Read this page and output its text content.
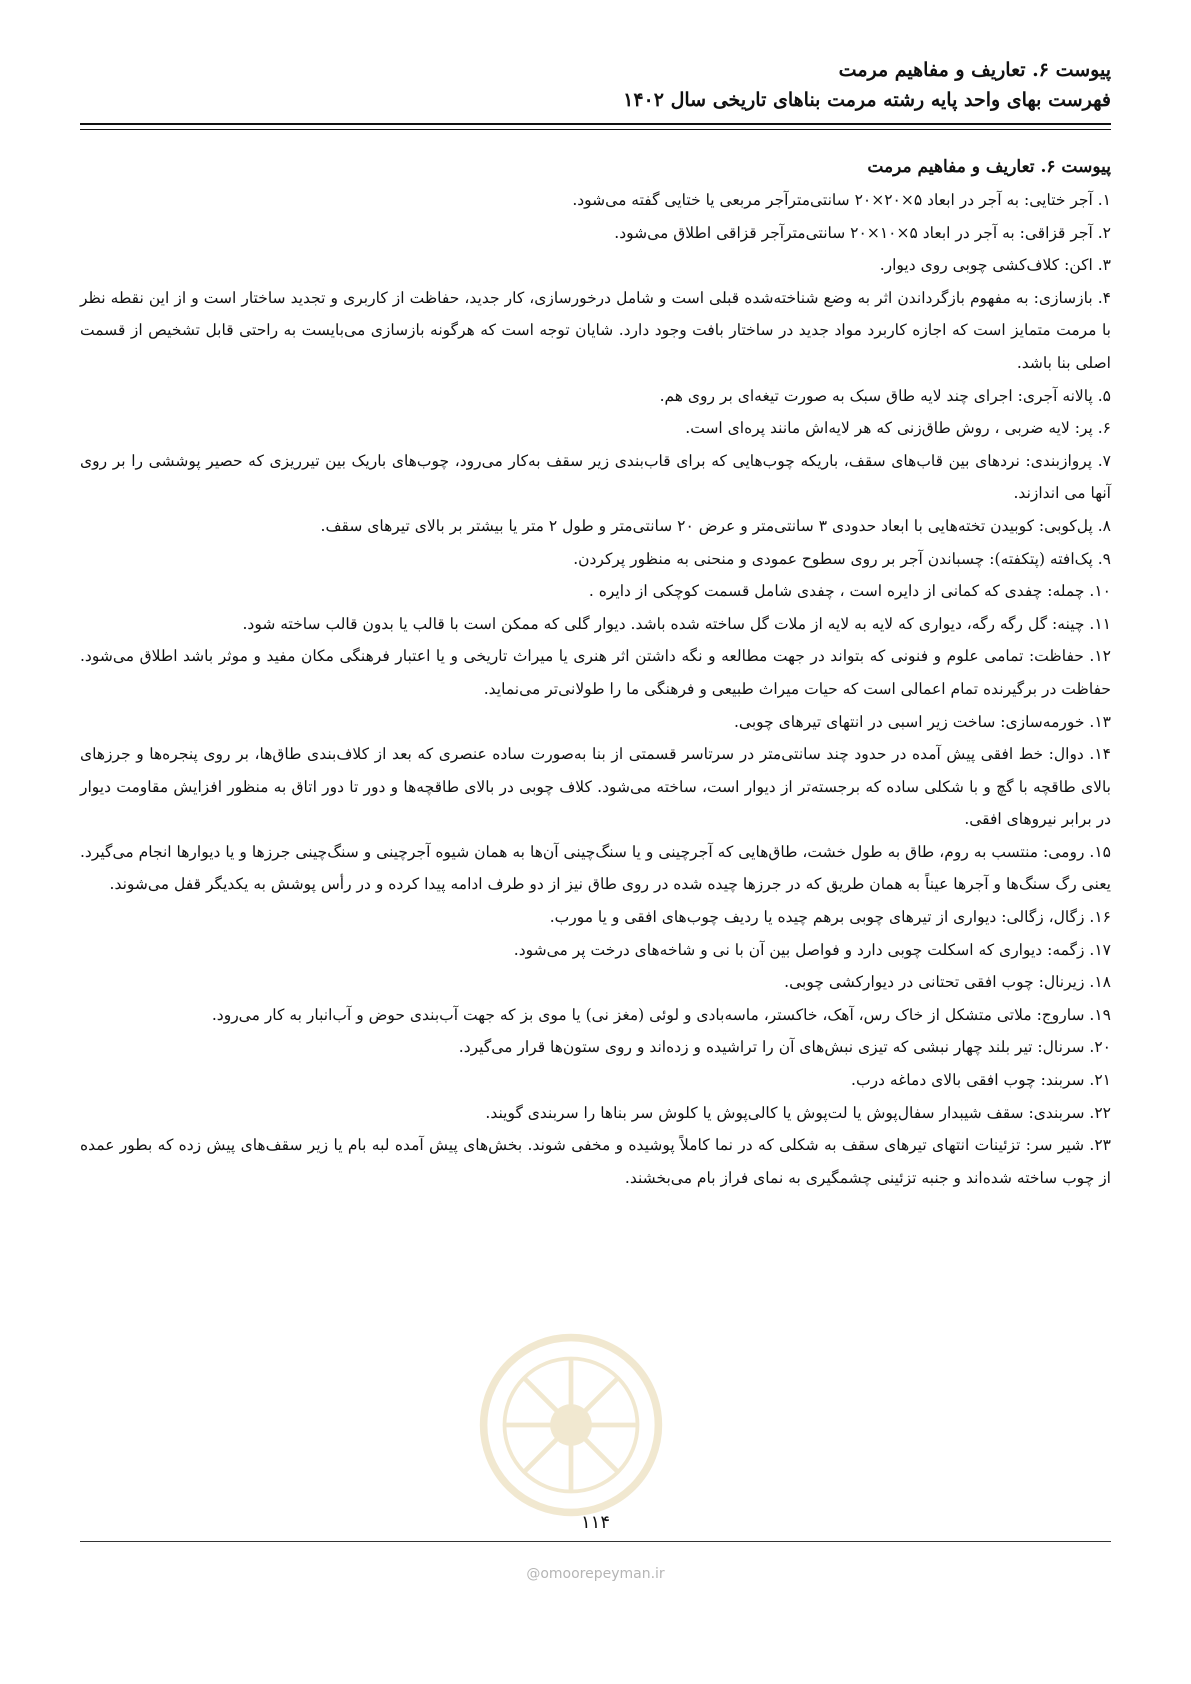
پیوست ۶. تعاریف و مفاهیم مرمت
فهرست بهای واحد پایه رشته مرمت بناهای تاریخی سال ۱۴۰۲

پیوست ۶. تعاریف و مفاهیم مرمت

۱. آجر ختایی: به آجر در ابعاد ۵×۲۰×۲۰ سانتی‌مترآجر مربعی یا ختایی گفته می‌شود.

۲. آجر قزاقی: به آجر در ابعاد ۵×۱۰×۲۰ سانتی‌مترآجر قزاقی اطلاق می‌شود.

۳. اکن: کلاف‌کشی چوبی روی دیوار.

۴. بازسازی: به مفهوم بازگرداندن اثر به وضع شناخته‌شده قبلی است و شامل درخورسازی، کار جدید، حفاظت از کاربری و تجدید ساختار است و از این نقطه نظر با مرمت متمایز است که اجازه کاربرد مواد جدید در ساختار بافت وجود دارد. شایان توجه است که هرگونه بازسازی می‌بایست به راحتی قابل تشخیص از قسمت اصلی بنا باشد.

۵. پالانه آجری: اجرای چند لایه طاق سبک به صورت تیغه‌ای بر روی هم.

۶. پر: لایه ضربی ، روش طاق‌زنی که هر لایه‌اش مانند پره‌ای است.

۷. پروازبندی: نردهای بین قاب‌های سقف، باریکه چوب‌هایی که برای قاب‌بندی زیر سقف به‌کار می‌رود، چوب‌های باریک بین تیرریزی که حصیر پوششی را بر روی آنها می اندازند.

۸. پل‌کوبی: کوبیدن تخته‌هایی با ابعاد حدودی ۳ سانتی‌متر و عرض ۲۰ سانتی‌متر و طول ۲ متر یا بیشتر بر بالای تیرهای سقف.

۹. پک‌افته (پتکفته): چسباندن آجر بر روی سطوح عمودی و منحنی به منظور پرکردن.

۱۰. چمله: چفدی که کمانی از دایره است ، چفدی شامل قسمت کوچکی از دایره .

۱۱. چینه: گل رگه رگه، دیواری که لایه به لایه از ملات گل ساخته شده باشد. دیوار گلی که ممکن است با قالب یا بدون قالب ساخته شود.

۱۲. حفاظت: تمامی علوم و فنونی که بتواند در جهت مطالعه و نگه داشتن اثر هنری یا میراث تاریخی و یا اعتبار فرهنگی مکان مفید و موثر باشد اطلاق می‌شود. حفاظت در برگیرنده تمام اعمالی است که حیات میراث طبیعی و فرهنگی ما را طولانی‌تر می‌نماید.

۱۳. خورمه‌سازی: ساخت زیر اسبی در انتهای تیرهای چوبی.

۱۴. دوال: خط افقی پیش آمده در حدود چند سانتی‌متر در سرتاسر قسمتی از بنا به‌صورت ساده عنصری که بعد از کلاف‌بندی طاق‌ها، بر روی پنجره‌ها و جرزهای بالای طاقچه با گچ و با شکلی ساده که برجسته‌تر از دیوار است، ساخته می‌شود. کلاف چوبی در بالای طاقچه‌ها و دور تا دور اتاق به منظور افزایش مقاومت دیوار در برابر نیروهای افقی.

۱۵. رومی: منتسب به روم، طاق به طول خشت، طاق‌هایی که آجرچینی و یا سنگ‌چینی آن‌ها به همان شیوه آجرچینی و سنگ‌چینی جرزها و یا دیوارها انجام می‌گیرد. یعنی رگ سنگ‌ها و آجرها عیناً به همان طریق که در جرزها چیده شده در روی طاق نیز از دو طرف ادامه پیدا کرده و در رأس پوشش به یکدیگر قفل می‌شوند.

۱۶. زگال، زگالی: دیواری از تیرهای چوبی برهم چیده یا ردیف چوب‌های افقی و یا مورب.

۱۷. زگمه: دیواری که اسکلت چوبی دارد و فواصل بین آن با نی و شاخه‌های درخت پر می‌شود.

۱۸. زیرنال: چوب افقی تحتانی در دیوارکشی چوبی.

۱۹. ساروج: ملاتی متشکل از خاک رس، آهک، خاکستر، ماسه‌بادی و لوئی (مغز نی) یا موی بز که جهت آب‌بندی حوض و آب‌انبار به کار می‌رود.

۲۰. سرنال: تیر بلند چهار نبشی که تیزی نبش‌های آن را تراشیده و زده‌اند و روی ستون‌ها قرار می‌گیرد.

۲۱. سربند: چوب افقی بالای دماغه درب.

۲۲. سربندی: سقف شیبدار سفال‌پوش یا لت‌پوش یا کالی‌پوش یا کلوش سر بناها را سربندی گویند.

۲۳. شیر سر: تزئینات انتهای تیرهای سقف به شکلی که در نما کاملاً پوشیده و مخفی شوند. بخش‌های پیش آمده لبه بام یا زیر سقف‌های پیش زده که بطور عمده از چوب ساخته شده‌اند و جنبه تزئینی چشمگیری به نمای فراز بام می‌بخشند.

۱۱۴
@omoorepeyman.ir
